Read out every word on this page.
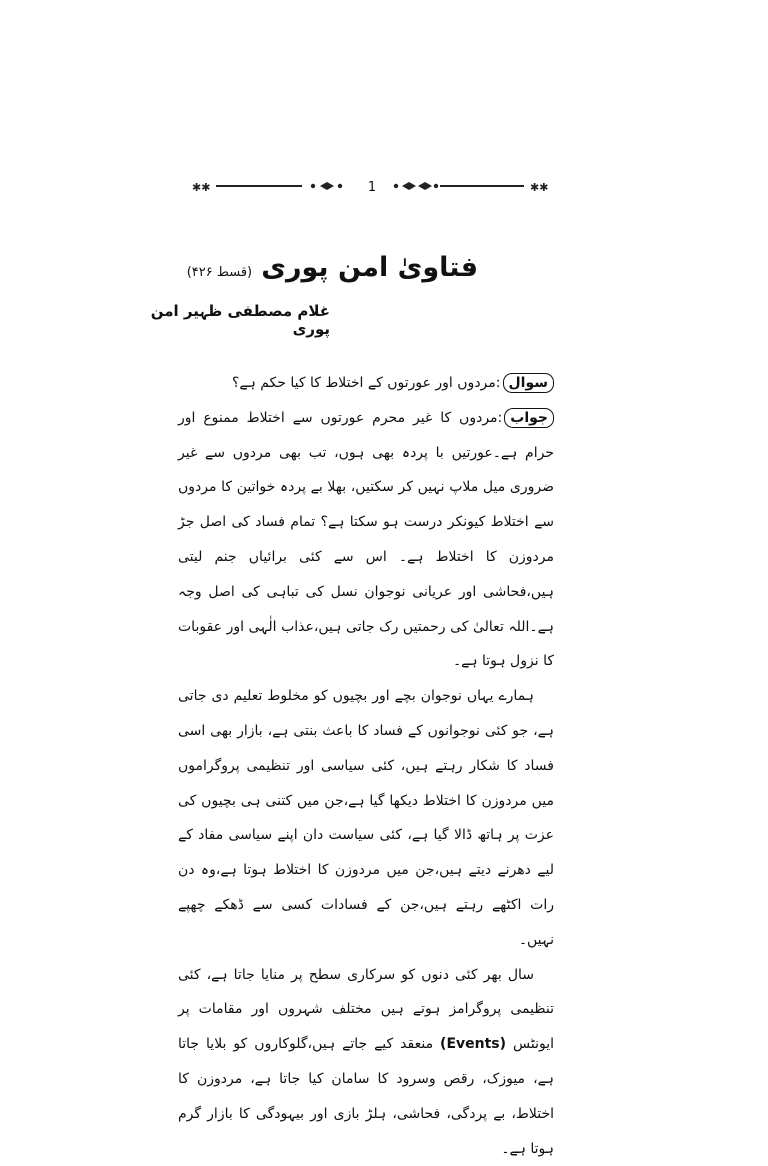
✱✱	✱✱
1
فتاویٰ امن پوری (قسط ۴۲۶)
غلام مصطفی ظہیر امن پوری

سوال:مردوں اور عورتوں کے اختلاط کا کیا حکم ہے؟

جواب:مردوں کا غیر محرم عورتوں سے اختلاط ممنوع اور حرام ہے۔عورتیں با پردہ بھی ہوں، تب بھی مردوں سے غیر ضروری میل ملاپ نہیں کر سکتیں، بھلا بے پردہ خواتین کا مردوں سے اختلاط کیونکر درست ہو سکتا ہے؟ تمام فساد کی اصل جڑ مردوزن کا اختلاط ہے۔ اس سے کئی برائیاں جنم لیتی ہیں،فحاشی اور عریانی نوجوان نسل کی تباہی کی اصل وجہ ہے۔اللہ تعالیٰ کی رحمتیں رک جاتی ہیں،عذاب الٰہی اور عقوبات کا نزول ہوتا ہے۔

ہمارے یہاں نوجوان بچے اور بچیوں کو مخلوط تعلیم دی جاتی ہے، جو کئی نوجوانوں کے فساد کا باعث بنتی ہے، بازار بھی اسی فساد کا شکار رہتے ہیں، کئی سیاسی اور تنظیمی پروگراموں میں مردوزن کا اختلاط دیکھا گیا ہے،جن میں کتنی ہی بچیوں کی عزت پر ہاتھ ڈالا گیا ہے، کئی سیاست دان اپنے سیاسی مفاد کے لیے دھرنے دیتے ہیں،جن میں مردوزن کا اختلاط ہوتا ہے،وہ دن رات اکٹھے رہتے ہیں،جن کے فسادات کسی سے ڈھکے چھپے نہیں۔

سال بھر کئی دنوں کو سرکاری سطح پر منایا جاتا ہے، کئی تنظیمی پروگرامز ہوتے ہیں مختلف شہروں اور مقامات پر ایونٹس (Events) منعقد کیے جاتے ہیں،گلوکاروں کو بلایا جاتا ہے، میوزک، رقص وسرود کا سامان کیا جاتا ہے، مردوزن کا اختلاط، بے پردگی، فحاشی، ہلڑ بازی اور بیہودگی کا بازار گرم ہوتا ہے۔
